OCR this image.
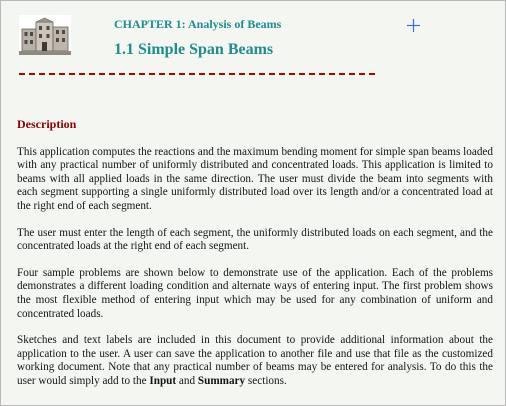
CHAPTER 1: Analysis of Beams
1.1 Simple Span Beams
Description

This application computes the reactions and the maximum bending moment for simple span beams loaded with any practical number of uniformly distributed and concentrated loads. This application is limited to beams with all applied loads in the same direction. The user must divide the beam into segments with each segment supporting a single uniformly distributed load over its length and/or a concentrated load at the right end of each segment.

The user must enter the length of each segment, the uniformly distributed loads on each segment, and the concentrated loads at the right end of each segment.

Four sample problems are shown below to demonstrate use of the application. Each of the problems demonstrates a different loading condition and alternate ways of entering input. The first problem shows the most flexible method of entering input which may be used for any combination of uniform and concentrated loads.

Sketches and text labels are included in this document to provide additional information about the application to the user. A user can save the application to another file and use that file as the customized working document. Note that any practical number of beams may be entered for analysis. To do this the user would simply add to the Input and Summary sections.
